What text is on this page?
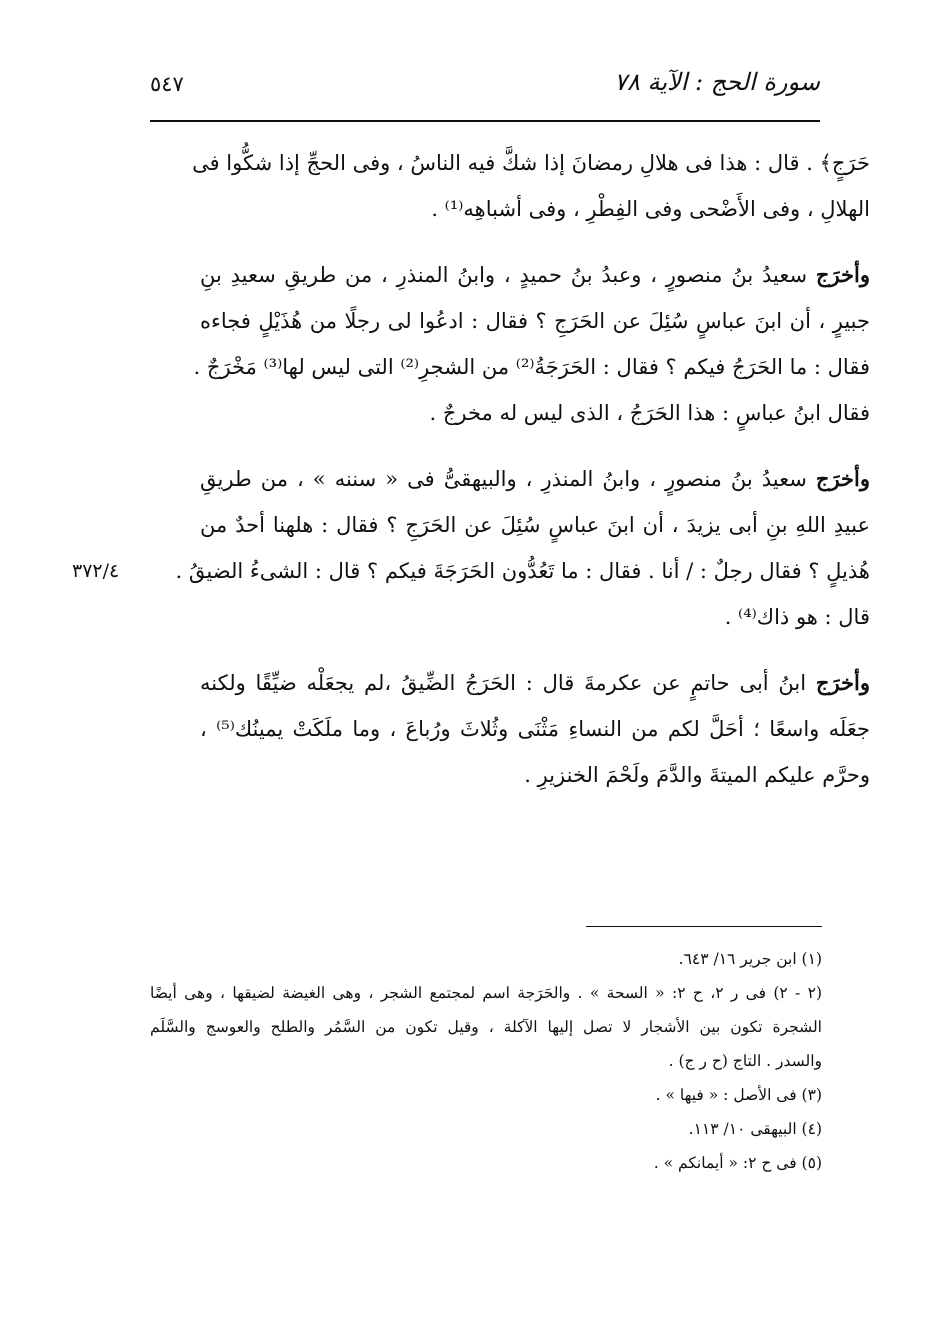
٥٤٧	سورة الحج : الآية ٧٨
حَرَجٍ﴾ . قال : هذا فى هلالِ رمضانَ إذا شكَّ فيه الناسُ ، وفى الحجِّ إذا شكُّوا فى
الهلالِ ، وفى الأَضْحى وفى الفِطْرِ ، وفى أشباهِه⁽¹⁾ .
وأخرَج سعيدُ بنُ منصورٍ ، وعبدُ بنُ حميدٍ ، وابنُ المنذرِ ، من طريقِ سعيدِ بنِ
جبيرٍ ، أن ابنَ عباسٍ سُئِلَ عن الحَرَجِ ؟ فقال : ادعُوا لى رجلًا من هُذَيْلٍ فجاءه
فقال : ما الحَرَجُ فيكم ؟ فقال : الحَرَجَةُ⁽²⁾ من الشجرِ⁽²⁾ التى ليس لها⁽³⁾ مَخْرَجٌ .
فقال ابنُ عباسٍ : هذا الحَرَجُ ، الذى ليس له مخرجٌ .
وأخرَج سعيدُ بنُ منصورٍ ، وابنُ المنذرِ ، والبيهقىُّ فى « سننه » ، من طريقِ
عبيدِ اللهِ بنِ أبى يزيدَ ، أن ابنَ عباسٍ سُئِلَ عن الحَرَجِ ؟ فقال : هلهنا أحدٌ من
هُذيلٍ ؟ فقال رجلٌ : / أنا . فقال : ما تَعُدُّون الحَرَجَةَ فيكم ؟ قال : الشىءُ الضيقُ .
٣٧٢/٤
قال : هو ذاك⁽⁴⁾ .
وأخرَج ابنُ أبى حاتمٍ عن عكرمةَ قال : الحَرَجُ الضِّيقُ ،لم يجعَلْه ضيِّقًا ولكنه
جعَلَه واسعًا ؛ أحَلَّ لكم من النساءِ مَثْنَى وثُلاثَ ورُباعَ ، وما ملَكَتْ يمينُك⁽⁵⁾ ،
وحرَّم عليكم الميتةَ والدَّمَ ولَحْمَ الخنزيرِ .
(١) ابن جرير ١٦/ ٦٤٣.
(٢ - ٢) فى ر ٢، ح ٢: « السحة » . والحَرَجة اسم لمجتمع الشجر ، وهى الغيضة لضيقها ، وهى أيضًا
الشجرة تكون بين الأشجار لا تصل إليها الآكلة ، وقيل تكون من السَّمُر والطلح والعوسج والسَّلَم
والسدر . التاج (ح ر ج) .
(٣) فى الأصل : « فيها » .
(٤) البيهقى ١٠/ ١١٣.
(٥) فى ح ٢: « أيمانكم » .
